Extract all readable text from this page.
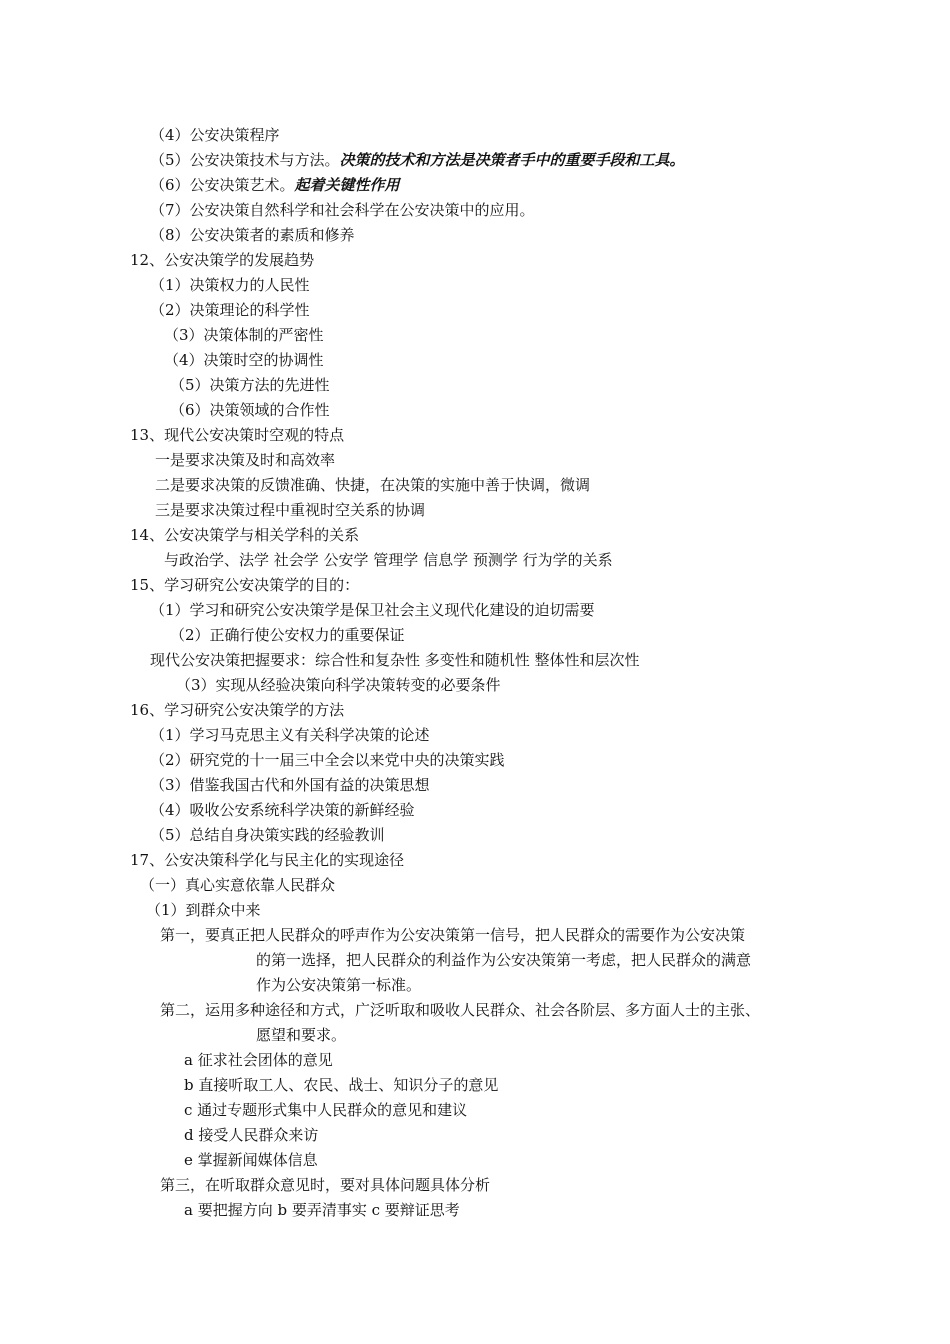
（4）公安决策程序
（5）公安决策技术与方法。决策的技术和方法是决策者手中的重要手段和工具。
（6）公安决策艺术。起着关键性作用
（7）公安决策自然科学和社会科学在公安决策中的应用。
（8）公安决策者的素质和修养
12、公安决策学的发展趋势
（1）决策权力的人民性
（2）决策理论的科学性
（3）决策体制的严密性
（4）决策时空的协调性
（5）决策方法的先进性
（6）决策领域的合作性
13、现代公安决策时空观的特点
一是要求决策及时和高效率
二是要求决策的反馈准确、快捷，在决策的实施中善于快调，微调
三是要求决策过程中重视时空关系的协调
14、公安决策学与相关学科的关系
与政治学、法学 社会学 公安学 管理学 信息学 预测学 行为学的关系
15、学习研究公安决策学的目的：
（1）学习和研究公安决策学是保卫社会主义现代化建设的迫切需要
（2）正确行使公安权力的重要保证
现代公安决策把握要求：综合性和复杂性 多变性和随机性 整体性和层次性
（3）实现从经验决策向科学决策转变的必要条件
16、学习研究公安决策学的方法
（1）学习马克思主义有关科学决策的论述
（2）研究党的十一届三中全会以来党中央的决策实践
（3）借鉴我国古代和外国有益的决策思想
（4）吸收公安系统科学决策的新鲜经验
（5）总结自身决策实践的经验教训
17、公安决策科学化与民主化的实现途径
（一）真心实意依靠人民群众
（1）到群众中来
第一，要真正把人民群众的呼声作为公安决策第一信号，把人民群众的需要作为公安决策
的第一选择，把人民群众的利益作为公安决策第一考虑，把人民群众的满意
作为公安决策第一标准。
第二，运用多种途径和方式，广泛听取和吸收人民群众、社会各阶层、多方面人士的主张、
愿望和要求。
a 征求社会团体的意见
b 直接听取工人、农民、战士、知识分子的意见
c 通过专题形式集中人民群众的意见和建议
d 接受人民群众来访
e 掌握新闻媒体信息
第三，在听取群众意见时，要对具体问题具体分析
a 要把握方向 b 要弄清事实 c 要辩证思考
